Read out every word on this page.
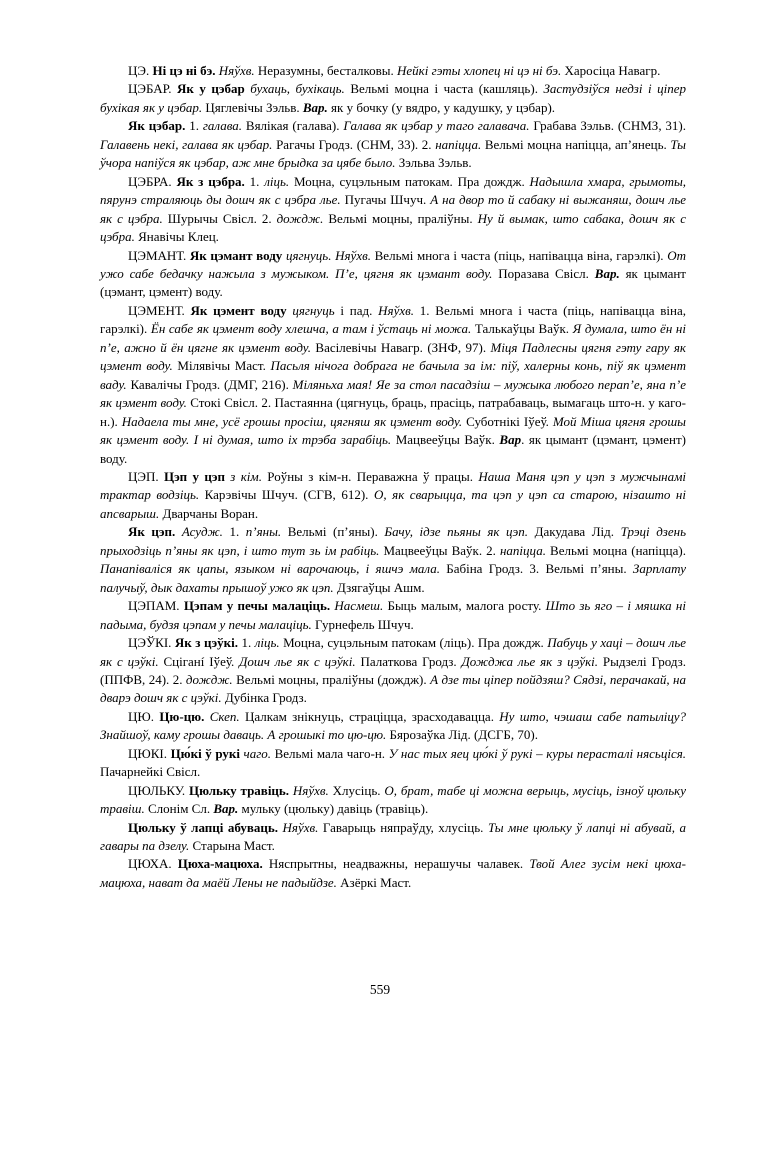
ЦЭ. Ні цэ ні бэ. Няўхв. Неразумны, бесталковы. Нейкі гэты хлопец ні цэ ні бэ. Харосіца Навагр.

ЦЭБАР. Як у цэбар бухаць, бухікаць. Вельмі моцна і часта (кашляць). Застудзіўся недзі і ціпер бухікая як у цэбар. Цяглевічы Зэльв. Вар. як у бочку (у вядро, у кадушку, у цэбар).

Як цэбар. 1. галава. Вялікая (галава). Галава як цэбар у таго галавача. Грабава Зэльв. (СНМЗ, 31). Галавень некі, галава як цэбар. Рагачы Гродз. (СНМ, 33). 2. напіцца. Вельмі моцна напіцца, ап’янець. Ты ўчора напіўся як цэбар, аж мне брыдка за цябе было. Зэльва Зэльв.

ЦЭБРА. Як з цэбра. 1. ліць. Моцна, суцэльным патокам. Пра дождж. Надышла хмара, грымоты, пярунэ страляюць ды дошч як с цэбра лье. Пугачы Шчуч. А на двор то й сабаку ні выжаняш, дошч лье як с цэбра. Шурычы Свісл. 2. дождж. Вельмі моцны, праліўны. Ну й вымак, што сабака, дошч як с цэбра. Янавічы Клец.

ЦЭМАНТ. Як цэмант воду цягнуць. Няўхв. Вельмі многа і часта (піць, напівацца віна, гарэлкі). От ужо сабе бедачку нажыла з мужыком. П’е, цягня як цэмант воду. Поразава Свісл. Вар. як цымант (цэмант, цэмент) воду.

ЦЭМЕНТ. Як цэмент воду цягнуць і пад. Няўхв. 1. Вельмі многа і часта (піць, напівацца віна, гарэлкі). Ён сабе як цэмент воду хлешча, а там і ўстаць ні можа. Талькаўцы Ваўк. Я думала, што ён ні п’е, ажно й ён цягне як цэмент воду. Васілевічы Навагр. (ЗНФ, 97). Міця Падлесны цягня гэту гару як цэмент воду. Мілявічы Маст. Пасьля нічога добрага не бачыла за ім: піў, халерны конь, піў як цэмент ваду. Кавалічы Гродз. (ДМГ, 216). Міляньха мая! Яе за стол пасадзіш – мужыка любого перап’е, яна п’е як цэмент воду. Стокі Свісл. 2. Пастаянна (цягнуць, браць, прасіць, патрабаваць, вымагаць што-н. у каго-н.). Надаела ты мне, усё грошы просіш, цягняш як цэмент воду. Суботнікі Іўеў. Мой Міша цягня грошы як цэмент воду. І ні думая, што іх трэба зарабіць. Мацвееўцы Ваўк. Вар. як цымант (цэмант, цэмент) воду.

ЦЭП. Цэп у цэп з кім. Роўны з кім-н. Пераважна ў працы. Наша Маня цэп у цэп з мужчынамі трактар водзіць. Карэвічы Шчуч. (СГВ, 612). О, як сварыцца, та цэп у цэп са старою, нізашто ні апсварыш. Дварчаны Воран.

Як цэп. Асудж. 1. п’яны. Вельмі (п’яны). Бачу, ідзе пьяны як цэп. Дакудава Лід. Трэці дзень прыходзіць п’яны як цэп, і што тут зь ім рабіць. Мацвееўцы Ваўк. 2. напіцца. Вельмі моцна (напіцца). Панапіваліся як цапы, языком ні варочаюць, і яшчэ мала. Бабіна Гродз. 3. Вельмі п’яны. Зарплату палучыў, дык дахаты прышоў ужо як цэп. Дзягаўцы Ашм.

ЦЭПАМ. Цэпам у печы малаціць. Насмеш. Быць малым, малога росту. Што зь яго – і мяшка ні падыма, будзя цэпам у печы малаціць. Гурнефель Шчуч.

ЦЭЎКІ. Як з цэўкі. 1. ліць. Моцна, суцэльным патокам (ліць). Пра дождж. Пабуць у хаці – дошч лье як с цэўкі. Сціганí Іўеў. Дошч лье як с цэўкі. Палаткова Гродз. Дожджа лье як з цэўкі. Рыдзелі Гродз. (ППФВ, 24). 2. дождж. Вельмі моцны, праліўны (дождж). А дзе ты ціпер пойдзяш? Сядзі, перачакай, на дварэ дошч як с цэўкі. Дубінка Гродз.

ЦЮ. Цю-цю. Скеп. Цалкам знікнуць, страціцца, зрасходавацца. Ну што, чэшаш сабе патыліцу? Знайшоў, каму грошы даваць. А грошыкі то цю-цю. Бярозаўка Лід. (ДСГБ, 70).

ЦЮКІ. Цю́кі ў рукі чаго. Вельмі мала чаго-н. У нас тых яец цю́кі ў рукі – куры перасталі нясьціся. Пачарнейкі Свісл.

ЦЮЛЬКУ. Цюльку травіць. Няўхв. Хлусіць. О, брат, табе ці можна верыць, мусіць, ізноў цюльку травіш. Слонім Сл. Вар. мульку (цюльку) давіць (травіць).

Цюльку ў лапці абуваць. Няўхв. Гаварыць няпраўду, хлусіць. Ты мне цюльку ў лапці ні абувай, а гавары па дзелу. Старына Маст.

ЦЮХА. Цюха-мацюха. Няспрытны, неадважны, нерашучы чалавек. Твой Алег зусім некі цюха-мацюха, нават да маёй Лены не падыйдзе. Азёркі Маст.

559
